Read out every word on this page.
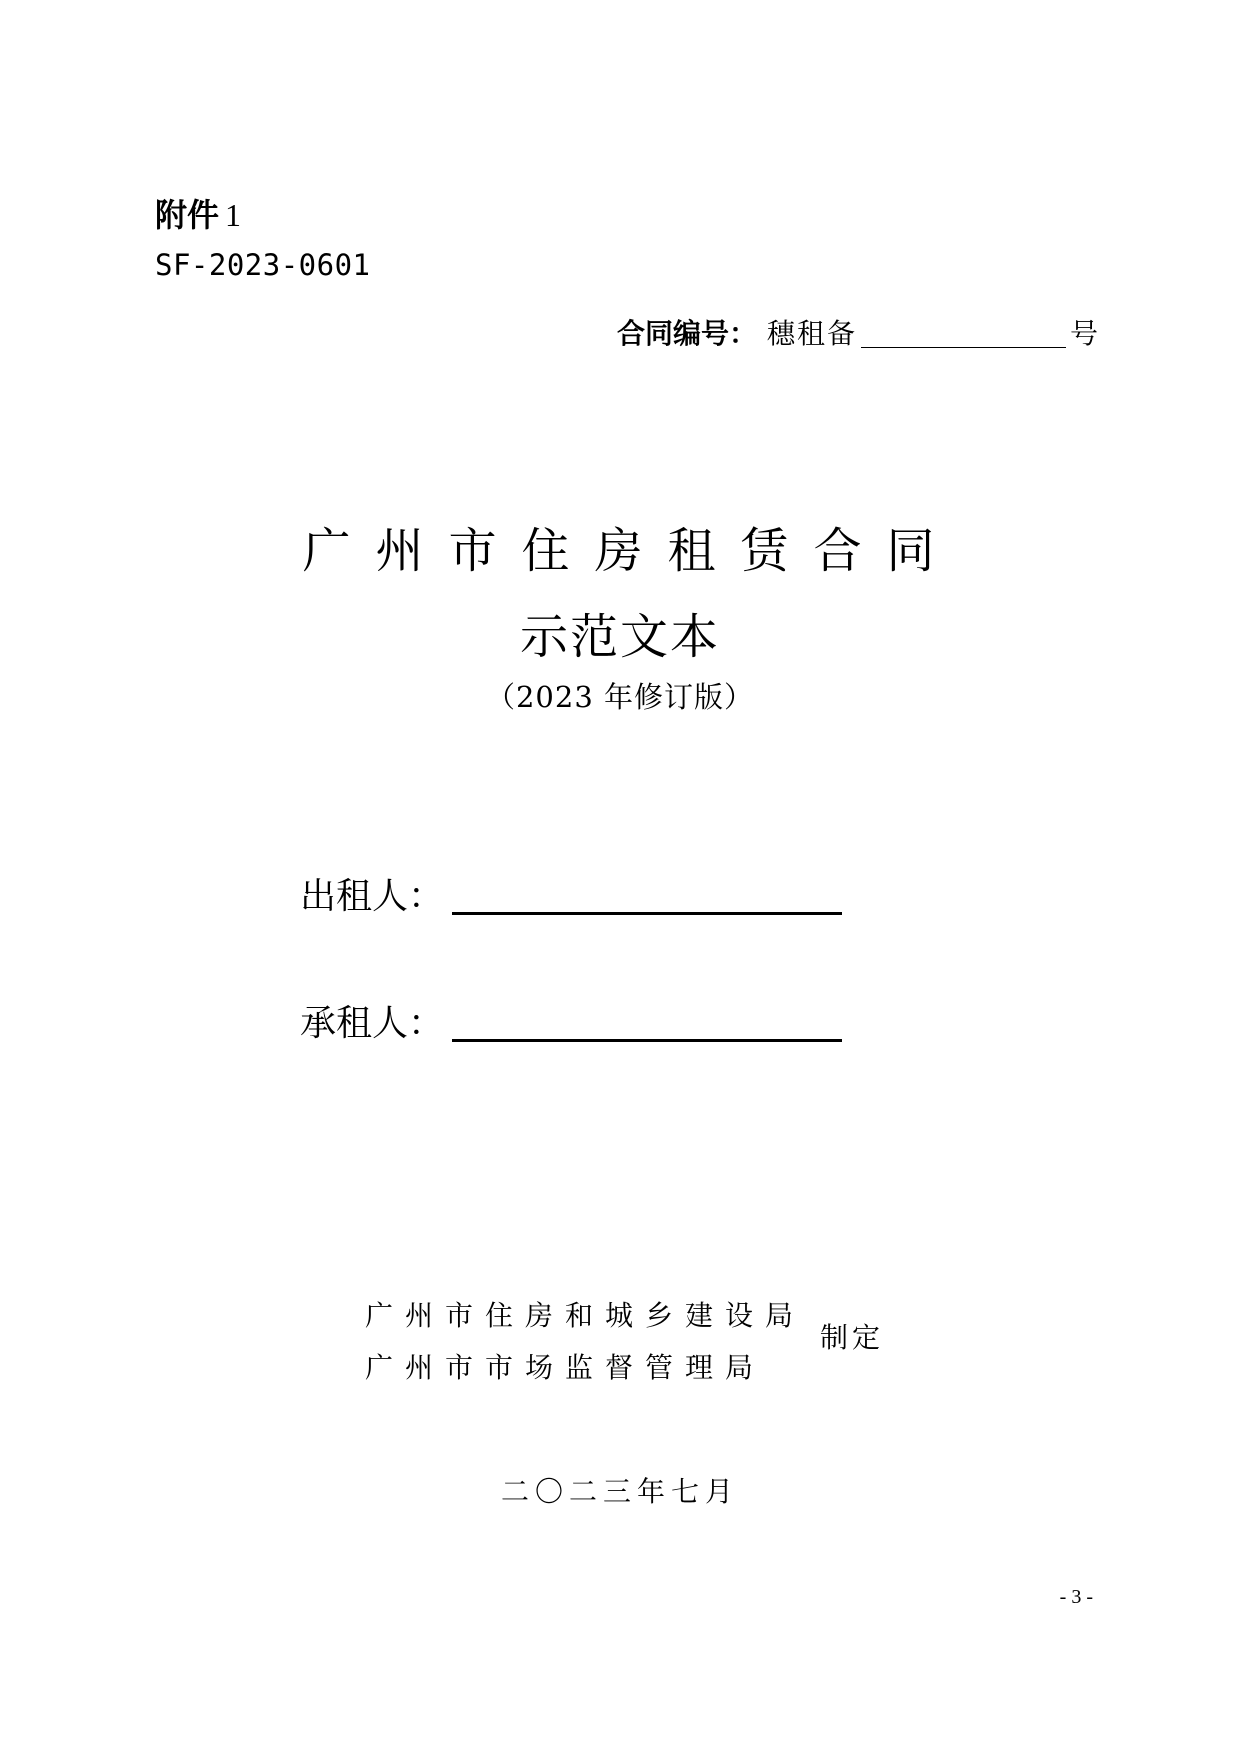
附件 1
SF-2023-0601
合同编号： 穗租备	号
广州市住房租赁合同
示范文本
（2023 年修订版）
出租人：
承租人：
广州市住房和城乡建设局
广州市市场监督管理局
制定
二〇二三年七月
- 3 -
